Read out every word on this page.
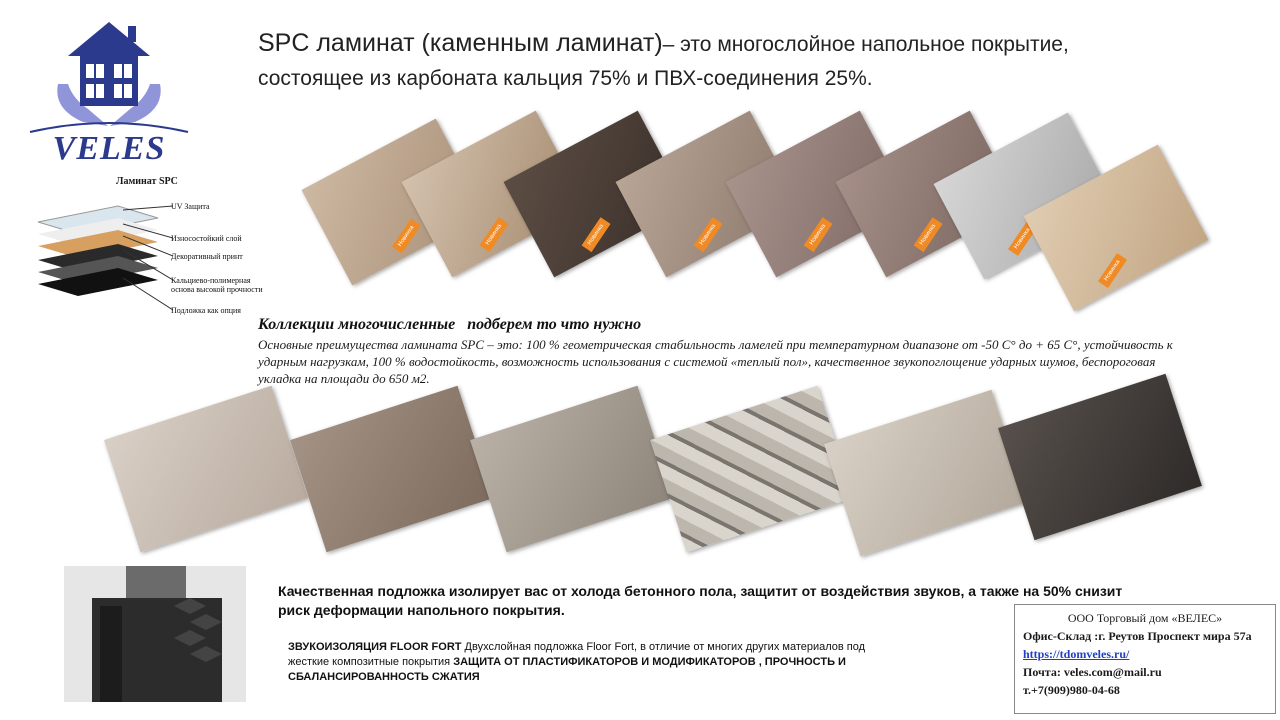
VELES
SPC ламинат (каменным ламинат)– это многослойное напольное покрытие, состоящее из карбоната кальция 75% и ПВХ-соединения 25%.
Ламинат SPC
UV Защита
Износостойкий слой
Декоративный принт
Кальциево-полимерная основа высокой прочности
Подложка как опция
Новинка	Новинка	Новинка	Новинка	Новинка	Новинка	Новинка
Новинка
Коллекции многочисленные   подберем то что нужно
Основные преимущества ламината SPC – это: 100 % геометрическая стабильность ламелей при температурном диапазоне от -50 С° до + 65 С°, устойчивость к ударным нагрузкам, 100 % водостойкость, возможность использования с системой «теплый пол», качественное звукопоглощение ударных шумов, беспороговая укладка на площади до 650 м2.
Качественная подложка изолирует вас от холода бетонного пола, защитит от воздействия звуков, а также на 50% снизит риск деформации напольного покрытия.
ЗВУКОИЗОЛЯЦИЯ FLOOR FORT Двухслойная подложка Floor Fort, в отличие от многих других материалов под жесткие композитные покрытия ЗАЩИТА ОТ ПЛАСТИФИКАТОРОВ И МОДИФИКАТОРОВ , ПРОЧНОСТЬ И СБАЛАНСИРОВАННОСТЬ СЖАТИЯ
ООО Торговый дом «ВЕЛЕС»
Офис-Склад :г. Реутов Проспект мира 57а
https://tdomveles.ru/
Почта: veles.com@mail.ru
т.+7(909)980-04-68
